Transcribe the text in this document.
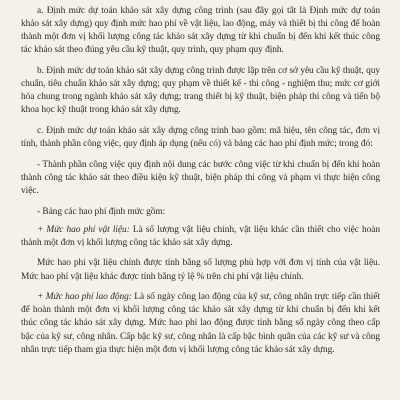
a. Định mức dự toán khảo sát xây dựng công trình (sau đây gọi tắt là Định mức dự toán khảo sát xây dựng) quy định mức hao phí về vật liệu, lao động, máy và thiết bị thi công để hoàn thành một đơn vị khối lượng công tác khảo sát xây dựng từ khi chuẩn bị đến khi kết thúc công tác khảo sát theo đúng yêu cầu kỹ thuật, quy trình, quy phạm quy định.

b. Định mức dự toán khảo sát xây dựng công trình được lập trên cơ sở yêu cầu kỹ thuật, quy chuẩn, tiêu chuẩn khảo sát xây dựng; quy phạm về thiết kế - thi công - nghiệm thu; mức cơ giới hóa chung trong ngành khảo sát xây dựng; trang thiết bị kỹ thuật, biện pháp thi công và tiến bộ khoa học kỹ thuật trong khảo sát xây dựng.

c. Định mức dự toán khảo sát xây dựng công trình bao gồm: mã hiệu, tên công tác, đơn vị tính, thành phần công việc, quy định áp dụng (nếu có) và bảng các hao phí định mức; trong đó:

- Thành phần công việc quy định nội dung các bước công việc từ khi chuẩn bị đến khi hoàn thành công tác khảo sát theo điều kiện kỹ thuật, biện pháp thi công và phạm vi thực hiện công việc.

- Bảng các hao phí định mức gồm:

+ Mức hao phí vật liệu: Là số lượng vật liệu chính, vật liệu khác cần thiết cho việc hoàn thành một đơn vị khối lượng công tác khảo sát xây dựng.

Mức hao phí vật liệu chính được tính bằng số lượng phù hợp với đơn vị tính của vật liệu. Mức hao phí vật liệu khác được tính bằng tỷ lệ % trên chi phí vật liệu chính.

+ Mức hao phí lao động: Là số ngày công lao động của kỹ sư, công nhân trực tiếp cần thiết để hoàn thành một đơn vị khối lượng công tác khảo sát xây dựng từ khi chuẩn bị đến khi kết thúc công tác khảo sát xây dựng. Mức hao phí lao động được tính bằng số ngày công theo cấp bậc của kỹ sư, công nhân. Cấp bậc kỹ sư, công nhân là cấp bậc bình quân của các kỹ sư và công nhân trực tiếp tham gia thực hiện một đơn vị khối lượng công tác khảo sát xây dựng.
